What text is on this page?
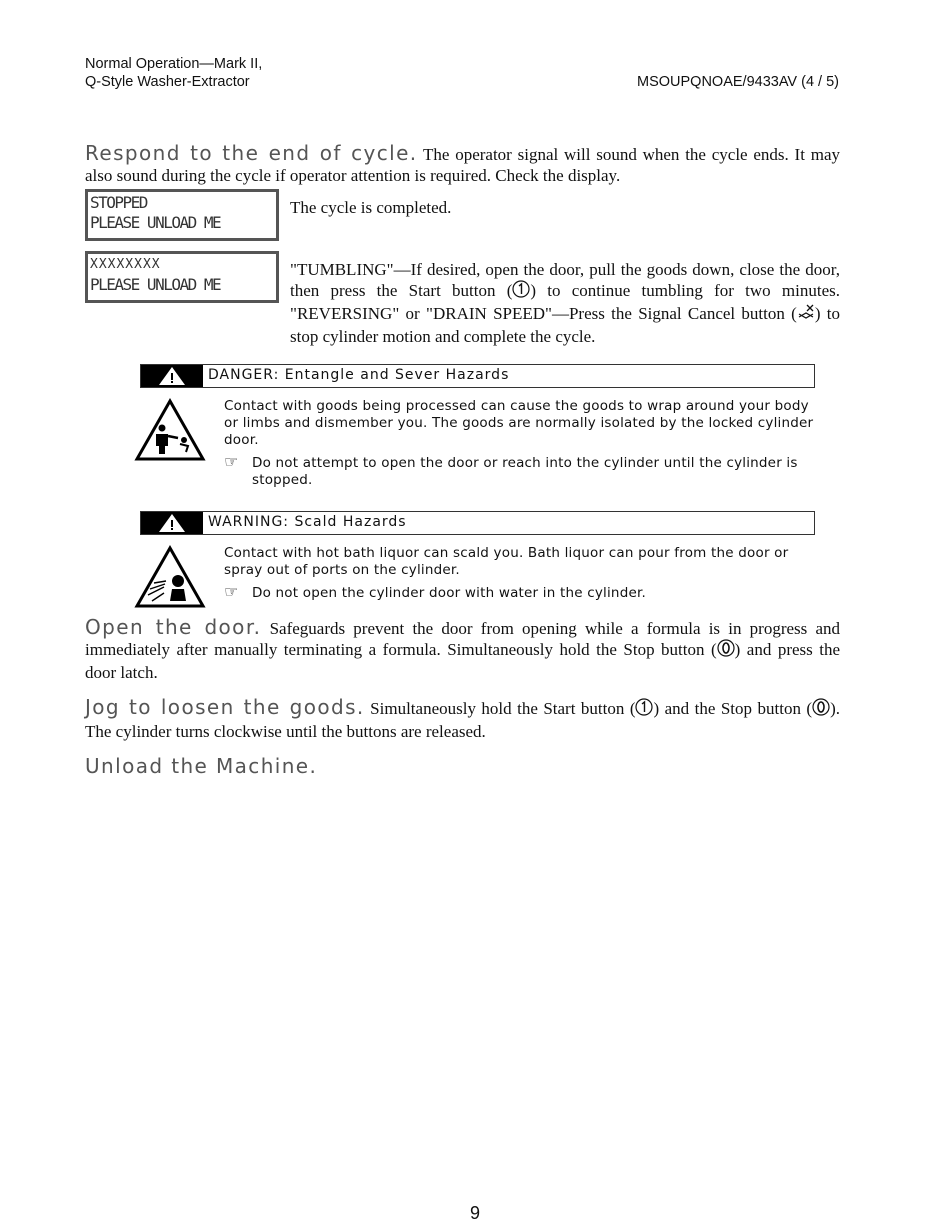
Normal Operation—Mark II,
Q-Style Washer-Extractor	MSOUPQNOAE/9433AV (4 / 5)
Respond to the end of cycle. The operator signal will sound when the cycle ends. It may also sound during the cycle if operator attention is required. Check the display.
STOPPED
PLEASE UNLOAD ME
The cycle is completed.
XXXXXXXX
PLEASE UNLOAD ME
"TUMBLING"—If desired, open the door, pull the goods down, close the door, then press the Start button ( ) to continue tumbling for two minutes. "REVERSING" or "DRAIN SPEED"—Press the Signal Cancel button ( ) to stop cylinder motion and complete the cycle.
DANGER: Entangle and Sever Hazards
Contact with goods being processed can cause the goods to wrap around your body or limbs and dismember you. The goods are normally isolated by the locked cylinder door.
☞ Do not attempt to open the door or reach into the cylinder until the cylinder is stopped.
WARNING: Scald Hazards
Contact with hot bath liquor can scald you. Bath liquor can pour from the door or spray out of ports on the cylinder.
☞ Do not open the cylinder door with water in the cylinder.
Open the door. Safeguards prevent the door from opening while a formula is in progress and immediately after manually terminating a formula. Simultaneously hold the Stop button ( ) and press the door latch.
Jog to loosen the goods. Simultaneously hold the Start button ( ) and the Stop button ( ). The cylinder turns clockwise until the buttons are released.
Unload the Machine.
9
